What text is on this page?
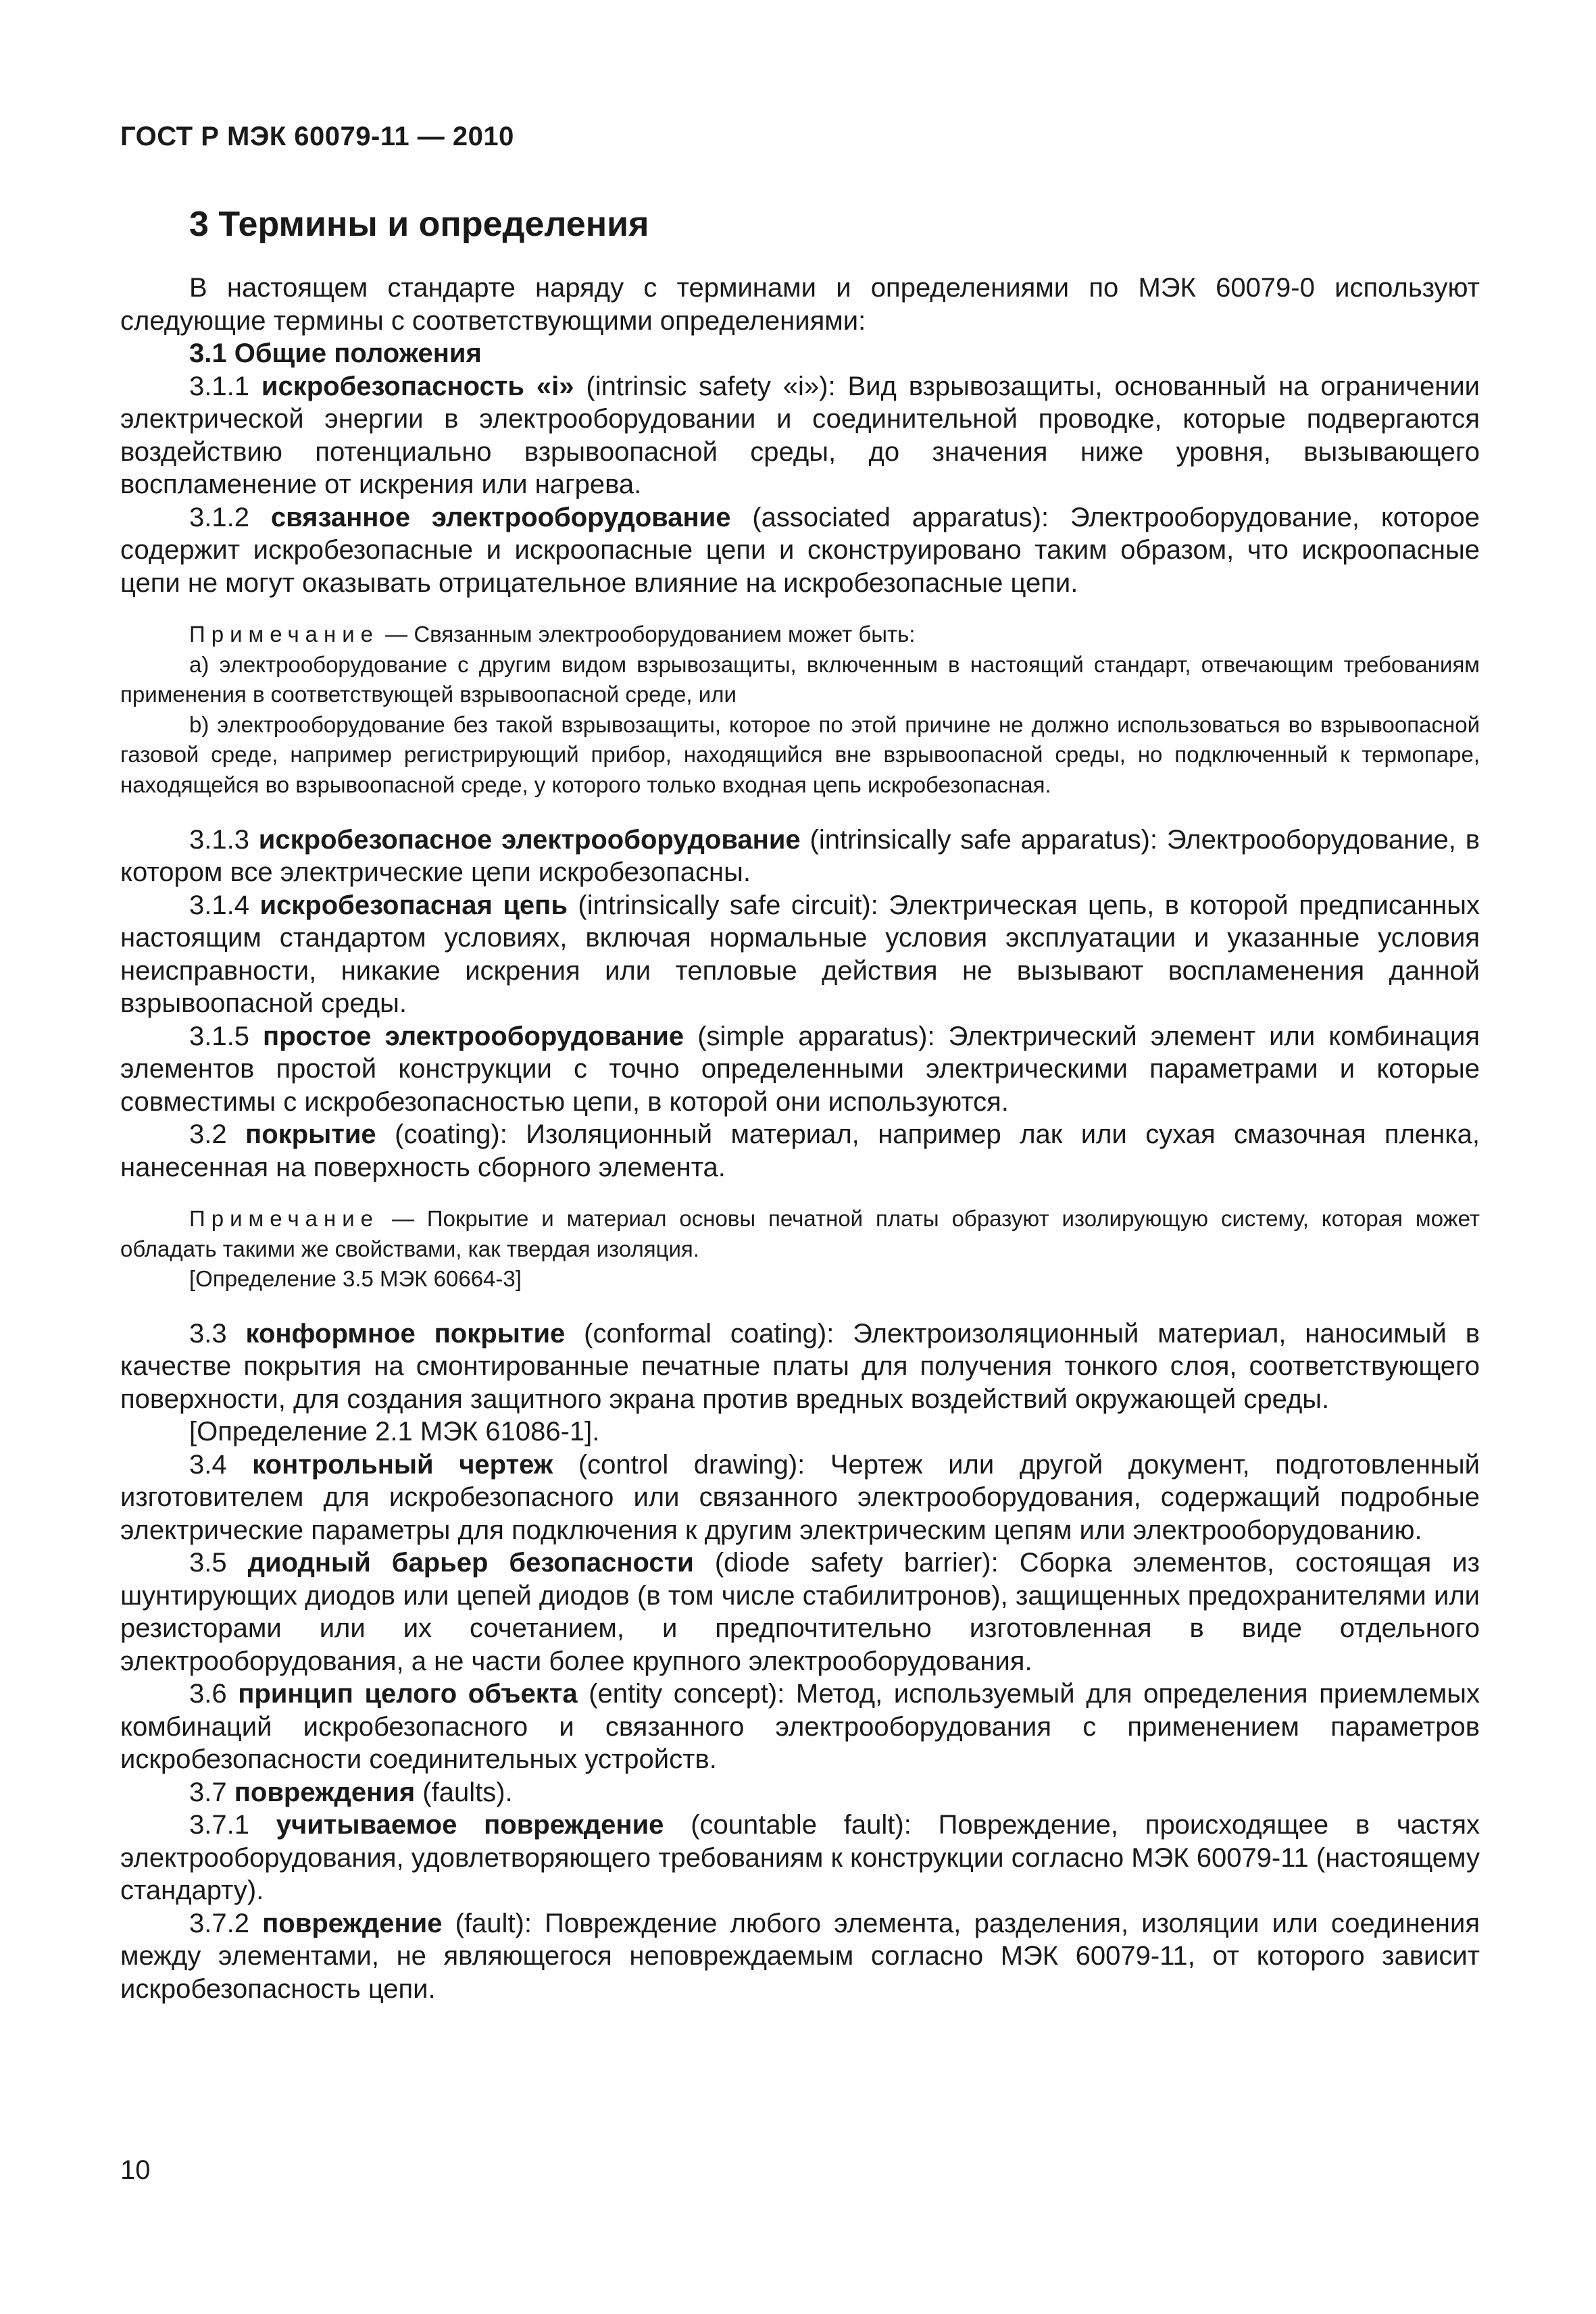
ГОСТ Р МЭК 60079-11 — 2010
3 Термины и определения

В настоящем стандарте наряду с терминами и определениями по МЭК 60079-0 используют следующие термины с соответствующими определениями:

3.1 Общие положения

3.1.1 искробезопасность «i» (intrinsic safety «i»): Вид взрывозащиты, основанный на ограничении электрической энергии в электрооборудовании и соединительной проводке, которые подвергаются воздействию потенциально взрывоопасной среды, до значения ниже уровня, вызывающего воспламенение от искрения или нагрева.

3.1.2 связанное электрооборудование (associated apparatus): Электрооборудование, которое содержит искробезопасные и искроопасные цепи и сконструировано таким образом, что искроопасные цепи не могут оказывать отрицательное влияние на искробезопасные цепи.

Примечание — Связанным электрооборудованием может быть:

а) электрооборудование с другим видом взрывозащиты, включенным в настоящий стандарт, отвечающим требованиям применения в соответствующей взрывоопасной среде, или

b) электрооборудование без такой взрывозащиты, которое по этой причине не должно использоваться во взрывоопасной газовой среде, например регистрирующий прибор, находящийся вне взрывоопасной среды, но подключенный к термопаре, находящейся во взрывоопасной среде, у которого только входная цепь искробезопасная.

3.1.3 искробезопасное электрооборудование (intrinsically safe apparatus): Электрооборудование, в котором все электрические цепи искробезопасны.

3.1.4 искробезопасная цепь (intrinsically safe circuit): Электрическая цепь, в которой предписанных настоящим стандартом условиях, включая нормальные условия эксплуатации и указанные условия неисправности, никакие искрения или тепловые действия не вызывают воспламенения данной взрывоопасной среды.

3.1.5 простое электрооборудование (simple apparatus): Электрический элемент или комбинация элементов простой конструкции с точно определенными электрическими параметрами и которые совместимы с искробезопасностью цепи, в которой они используются.

3.2 покрытие (coating): Изоляционный материал, например лак или сухая смазочная пленка, нанесенная на поверхность сборного элемента.

Примечание — Покрытие и материал основы печатной платы образуют изолирующую систему, которая может обладать такими же свойствами, как твердая изоляция.

[Определение 3.5 МЭК 60664-3]

3.3 конформное покрытие (conformal coating): Электроизоляционный материал, наносимый в качестве покрытия на смонтированные печатные платы для получения тонкого слоя, соответствующего поверхности, для создания защитного экрана против вредных воздействий окружающей среды.

[Определение 2.1 МЭК 61086-1].

3.4 контрольный чертеж (control drawing): Чертеж или другой документ, подготовленный изготовителем для искробезопасного или связанного электрооборудования, содержащий подробные электрические параметры для подключения к другим электрическим цепям или электрооборудованию.

3.5 диодный барьер безопасности (diode safety barrier): Сборка элементов, состоящая из шунтирующих диодов или цепей диодов (в том числе стабилитронов), защищенных предохранителями или резисторами или их сочетанием, и предпочтительно изготовленная в виде отдельного электрооборудования, а не части более крупного электрооборудования.

3.6 принцип целого объекта (entity concept): Метод, используемый для определения приемлемых комбинаций искробезопасного и связанного электрооборудования с применением параметров искробезопасности соединительных устройств.

3.7 повреждения (faults).

3.7.1 учитываемое повреждение (countable fault): Повреждение, происходящее в частях электрооборудования, удовлетворяющего требованиям к конструкции согласно МЭК 60079-11 (настоящему стандарту).

3.7.2 повреждение (fault): Повреждение любого элемента, разделения, изоляции или соединения между элементами, не являющегося неповреждаемым согласно МЭК 60079-11, от которого зависит искробезопасность цепи.

10
